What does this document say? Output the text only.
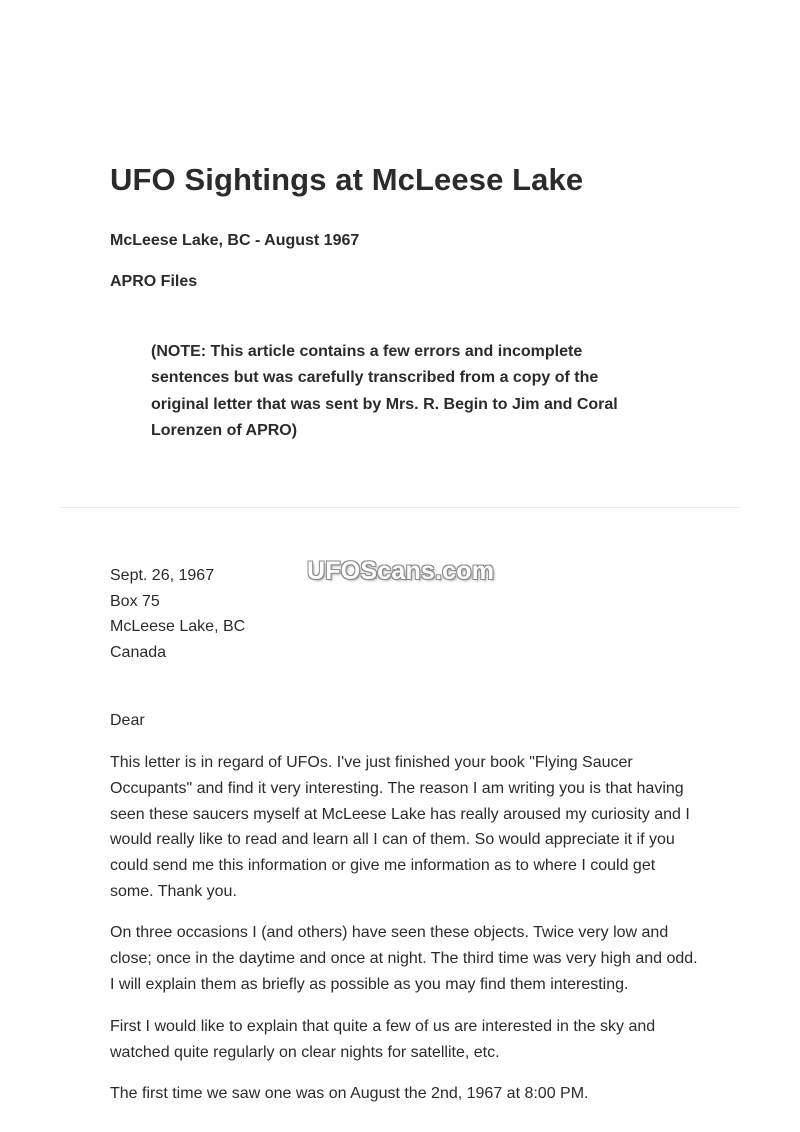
UFO Sightings at McLeese Lake

McLeese Lake, BC - August 1967

APRO Files

(NOTE: This article contains a few errors and incomplete sentences but was carefully transcribed from a copy of the original letter that was sent by Mrs. R. Begin to Jim and Coral Lorenzen of APRO)

Sept. 26, 1967
Box 75
McLeese Lake, BC
Canada
UFOScans.com

Dear

This letter is in regard of UFOs. I've just finished your book "Flying Saucer Occupants" and find it very interesting. The reason I am writing you is that having seen these saucers myself at McLeese Lake has really aroused my curiosity and I would really like to read and learn all I can of them. So would appreciate it if you could send me this information or give me information as to where I could get some. Thank you.

On three occasions I (and others) have seen these objects. Twice very low and close; once in the daytime and once at night. The third time was very high and odd. I will explain them as briefly as possible as you may find them interesting.

First I would like to explain that quite a few of us are interested in the sky and watched quite regularly on clear nights for satellite, etc.

The first time we saw one was on August the 2nd, 1967 at 8:00 PM.
